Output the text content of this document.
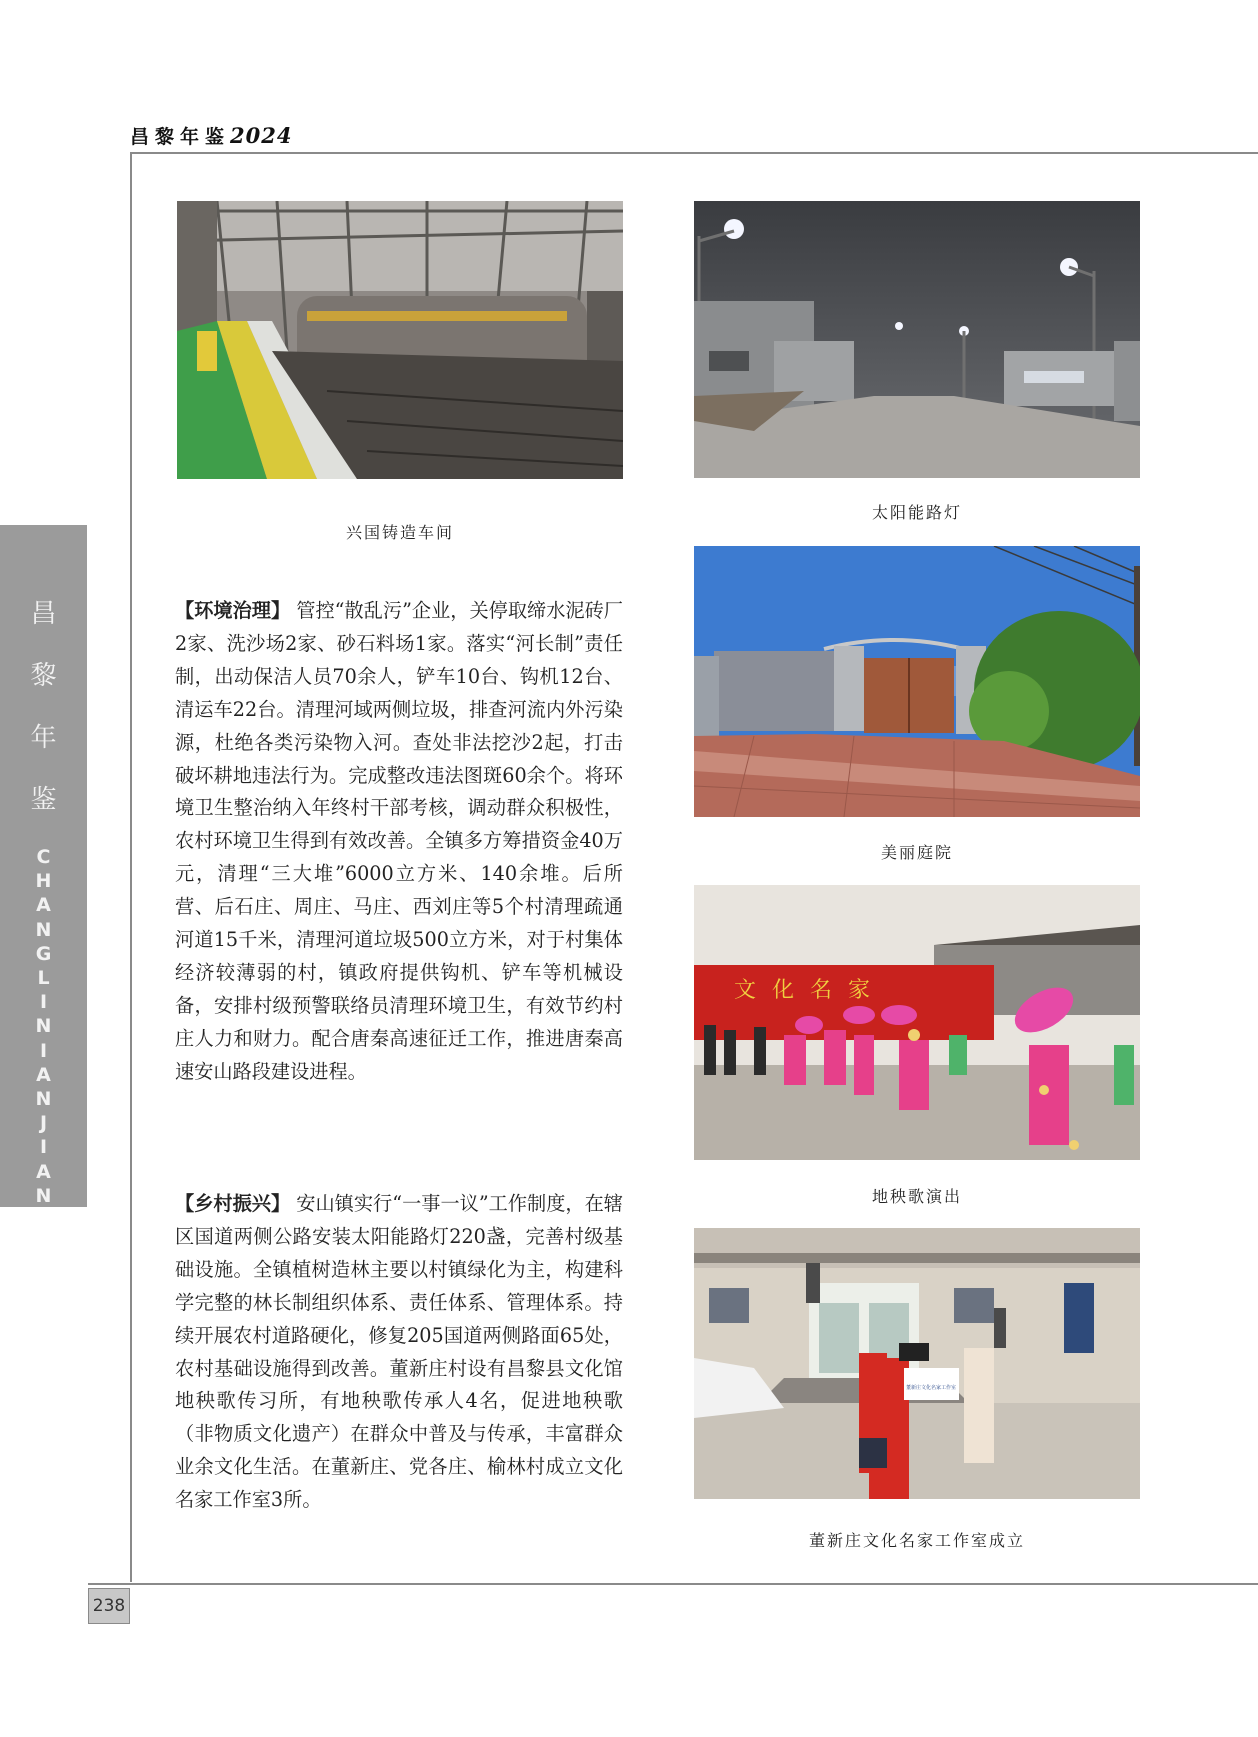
昌黎年鉴2024
昌
黎
年
鉴
C
H
A
N
G
L
I
N
I
A
N
J
I
A
N
兴国铸造车间
太阳能路灯
美丽庭院
文化名家
地秧歌演出
董新庄文化名家工作室
董新庄文化名家工作室成立
【环境治理】 管控“散乱污”企业，关停取缔水泥砖厂2家、洗沙场2家、砂石料场1家。落实“河长制”责任制，出动保洁人员70余人，铲车10台、钩机12台、清运车22台。清理河域两侧垃圾，排查河流内外污染源，杜绝各类污染物入河。查处非法挖沙2起，打击破坏耕地违法行为。完成整改违法图斑60余个。将环境卫生整治纳入年终村干部考核，调动群众积极性，农村环境卫生得到有效改善。全镇多方筹措资金40万元，清理“三大堆”6000立方米、140余堆。后所营、后石庄、周庄、马庄、西刘庄等5个村清理疏通河道15千米，清理河道垃圾500立方米，对于村集体经济较薄弱的村，镇政府提供钩机、铲车等机械设备，安排村级预警联络员清理环境卫生，有效节约村庄人力和财力。配合唐秦高速征迁工作，推进唐秦高速安山路段建设进程。
【乡村振兴】 安山镇实行“一事一议”工作制度，在辖区国道两侧公路安装太阳能路灯220盏，完善村级基础设施。全镇植树造林主要以村镇绿化为主，构建科学完整的林长制组织体系、责任体系、管理体系。持续开展农村道路硬化，修复205国道两侧路面65处，农村基础设施得到改善。董新庄村设有昌黎县文化馆地秧歌传习所，有地秧歌传承人4名，促进地秧歌（非物质文化遗产）在群众中普及与传承，丰富群众业余文化生活。在董新庄、党各庄、榆林村成立文化名家工作室3所。
238
